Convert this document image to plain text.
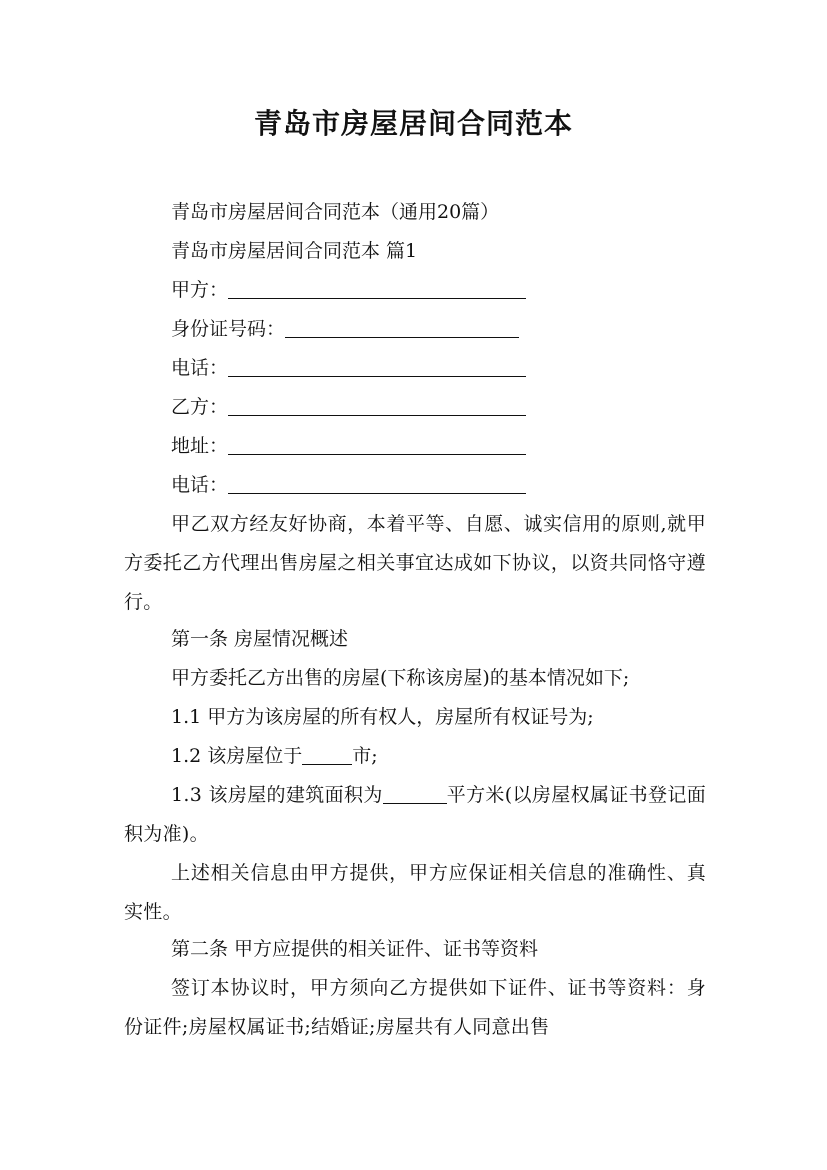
青岛市房屋居间合同范本
青岛市房屋居间合同范本（通用20篇）
青岛市房屋居间合同范本 篇1
甲方：
身份证号码：
电话：
乙方：
地址：
电话：
甲乙双方经友好协商，本着平等、自愿、诚实信用的原则,就甲方委托乙方代理出售房屋之相关事宜达成如下协议，以资共同恪守遵行。
第一条 房屋情况概述
甲方委托乙方出售的房屋(下称该房屋)的基本情况如下;
1.1 甲方为该房屋的所有权人，房屋所有权证号为;
1.2 该房屋位于	市;
1.3 该房屋的建筑面积为	平方米(以房屋权属证书登记面积为准)。
上述相关信息由甲方提供，甲方应保证相关信息的准确性、真实性。
第二条 甲方应提供的相关证件、证书等资料
签订本协议时，甲方须向乙方提供如下证件、证书等资料：身份证件;房屋权属证书;结婚证;房屋共有人同意出售
